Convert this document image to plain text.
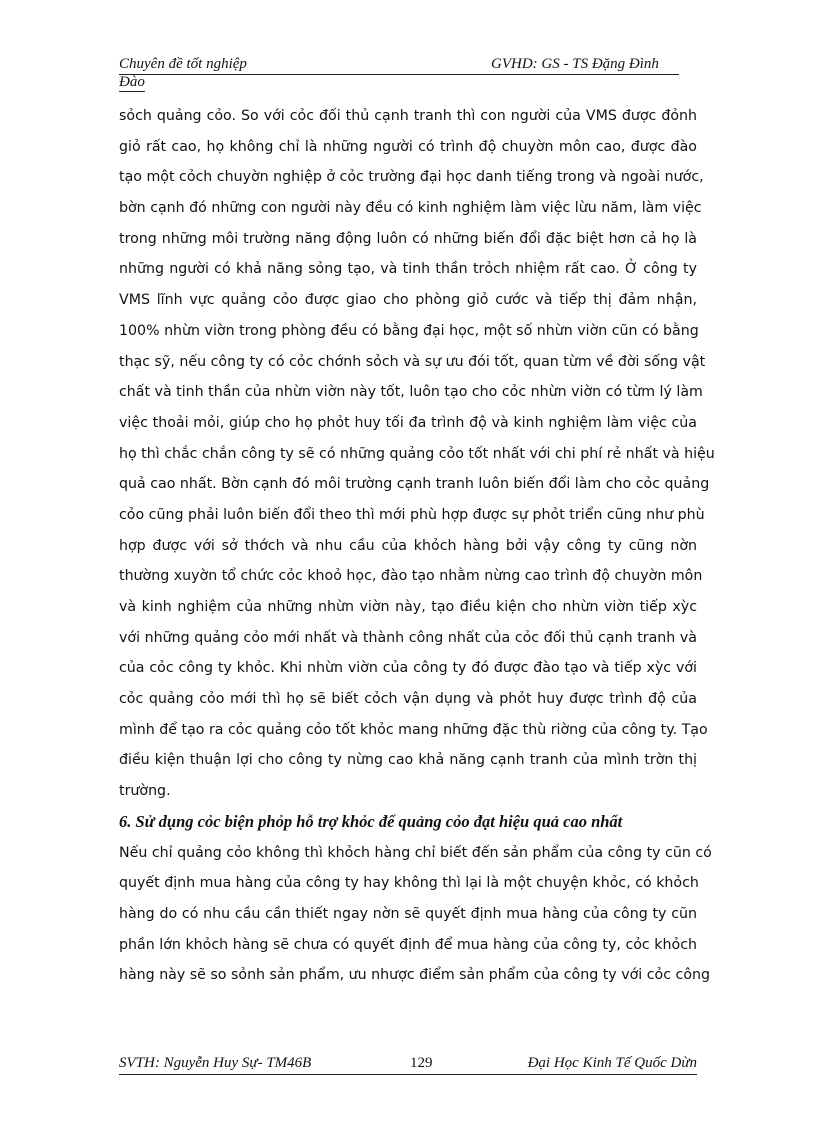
Chuyên đề tốt nghiệp	GVHD: GS - TS Đặng Đình
Đào
sỏch quảng cỏo. So với cỏc đối thủ cạnh tranh thì con người của VMS được đỏnh
giỏ rất cao, họ không chỉ là những người có trình độ chuyờn môn cao, được đào
tạo một cỏch chuyờn nghiệp ở cỏc trường đại học danh tiếng trong và ngoài nước,
bờn cạnh đó những con người này đều có kinh nghiệm làm việc lừu năm, làm việc
trong những môi trường năng động luôn có những biến đổi đặc biệt hơn cả họ là
những người có khả năng sỏng tạo, và tinh thần trỏch nhiệm rất cao. Ở công ty
VMS lĩnh vực quảng cỏo được giao cho phòng giỏ cước và tiếp thị đảm nhận,
100% nhừn viờn trong phòng đều có bằng đại học, một số nhừn viờn cũn có bằng
thạc sỹ, nếu công ty có cỏc chớnh sỏch và sự ưu đói tốt, quan từm về đời sống vật
chất và tinh thần của nhừn viờn này tốt, luôn tạo cho cỏc nhừn viờn có từm lý làm
việc thoải mỏi, giúp cho họ phỏt huy tối đa trình độ và kinh nghiệm làm việc của
họ thì chắc chắn công ty sẽ có những quảng cỏo tốt nhất với chi phí rẻ nhất và hiệu
quả cao nhất. Bờn cạnh đó môi trường cạnh tranh luôn biến đổi làm cho cỏc quảng
cỏo cũng phải luôn biến đổi theo thì mới phù hợp được sự phỏt triển cũng như phù
hợp được với sở thớch và nhu cầu của khỏch hàng bởi vậy công ty cũng nờn
thường xuyờn tổ chức cỏc khoỏ học, đào tạo nhằm nừng cao trình độ chuyờn môn
và kinh nghiệm của những nhừn viờn này, tạo điều kiện cho nhừn viờn tiếp xỳc
với những quảng cỏo mới nhất và thành công nhất của cỏc đối thủ cạnh tranh và
của cỏc công ty khỏc. Khi nhừn viờn của công ty đó được đào tạo và tiếp xỳc với
cỏc quảng cỏo mới thì họ sẽ biết cỏch vận dụng và phỏt huy được trình độ của
mình để tạo ra cỏc quảng cỏo tốt khỏc mang những đặc thù riờng của công ty. Tạo
điều kiện thuận lợi cho công ty nừng cao khả năng cạnh tranh của mình trờn thị
trường.
6. Sử dụng cỏc biện phỏp hỗ trợ khỏc để quảng cỏo đạt hiệu quả cao nhất
Nếu chỉ quảng cỏo không thì khỏch hàng chỉ biết đến sản phẩm của công ty cũn có
quyết định mua hàng của công ty hay không thì lại là một chuyện khỏc, có khỏch
hàng do có nhu cầu cần thiết ngay nờn sẽ quyết định mua hàng của công ty cũn
phần lớn khỏch hàng sẽ chưa có quyết định để mua hàng của công ty, cỏc khỏch
hàng này sẽ so sỏnh sản phẩm, ưu nhược điểm sản phẩm của công ty với cỏc công
SVTH: Nguyễn Huy Sự- TM46B	129	Đại Học Kinh Tế Quốc Dừn
